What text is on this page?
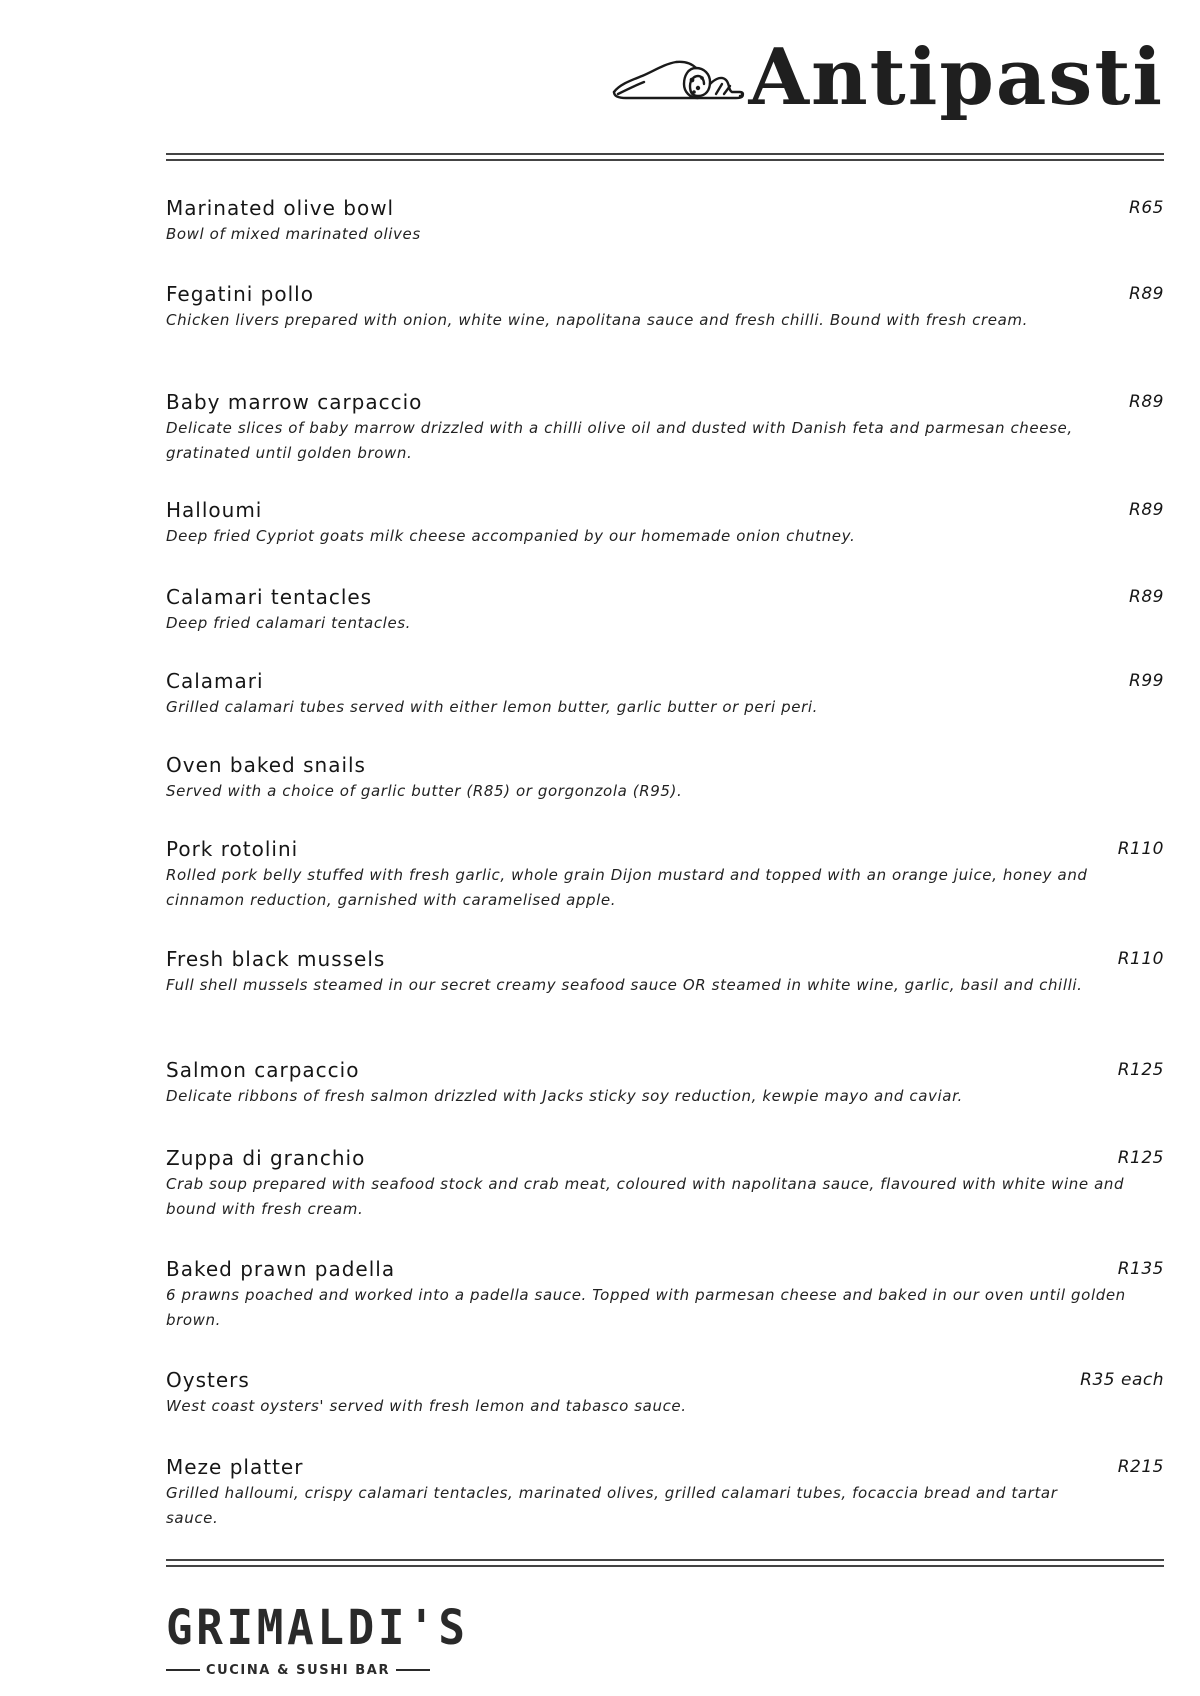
Antipasti
Marinated olive bowl	R65
Bowl of mixed marinated olives
Fegatini pollo	R89
Chicken livers prepared with onion, white wine, napolitana sauce and fresh chilli. Bound with fresh cream.
Baby marrow carpaccio	R89
Delicate slices of baby marrow drizzled with a chilli olive oil and dusted with Danish feta and parmesan cheese, gratinated until golden brown.
Halloumi	R89
Deep fried Cypriot goats milk cheese accompanied by our homemade onion chutney.
Calamari tentacles	R89
Deep fried calamari tentacles.
Calamari	R99
Grilled calamari tubes served with either lemon butter, garlic butter or peri peri.
Oven baked snails
Served with a choice of garlic butter (R85) or gorgonzola (R95).
Pork rotolini	R110
Rolled pork belly stuffed with fresh garlic, whole grain Dijon mustard and topped with an orange juice, honey and cinnamon reduction, garnished with caramelised apple.
Fresh black mussels	R110
Full shell mussels steamed in our secret creamy seafood sauce OR steamed in white wine, garlic, basil and chilli.
Salmon carpaccio	R125
Delicate ribbons of fresh salmon drizzled with Jacks sticky soy reduction, kewpie mayo and caviar.
Zuppa di granchio	R125
Crab soup prepared with seafood stock and crab meat, coloured with napolitana sauce, flavoured with white wine and bound with fresh cream.
Baked prawn padella	R135
6 prawns poached and worked into a padella sauce. Topped with parmesan cheese and baked in our oven until golden brown.
Oysters	R35 each
West coast oysters' served with fresh lemon and tabasco sauce.
Meze platter	R215
Grilled halloumi, crispy calamari tentacles, marinated olives, grilled calamari tubes, focaccia bread and tartar sauce.
GRIMALDI'S
CUCINA & SUSHI BAR
